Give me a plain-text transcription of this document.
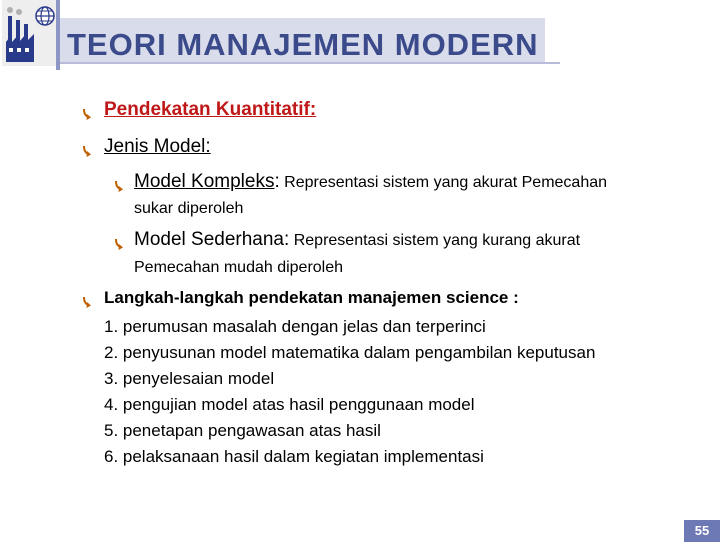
TEORI MANAJEMEN MODERN
Pendekatan Kuantitatif:
Jenis Model:
Model Kompleks: Representasi sistem yang akurat Pemecahan
sukar diperoleh
Model Sederhana: Representasi sistem yang kurang akurat
Pemecahan mudah diperoleh
Langkah-langkah pendekatan manajemen science :
1. perumusan masalah dengan jelas dan terperinci
2. penyusunan model matematika dalam pengambilan keputusan
3. penyelesaian model
4. pengujian model atas hasil penggunaan model
5. penetapan pengawasan atas hasil
6. pelaksanaan hasil dalam kegiatan implementasi
55
